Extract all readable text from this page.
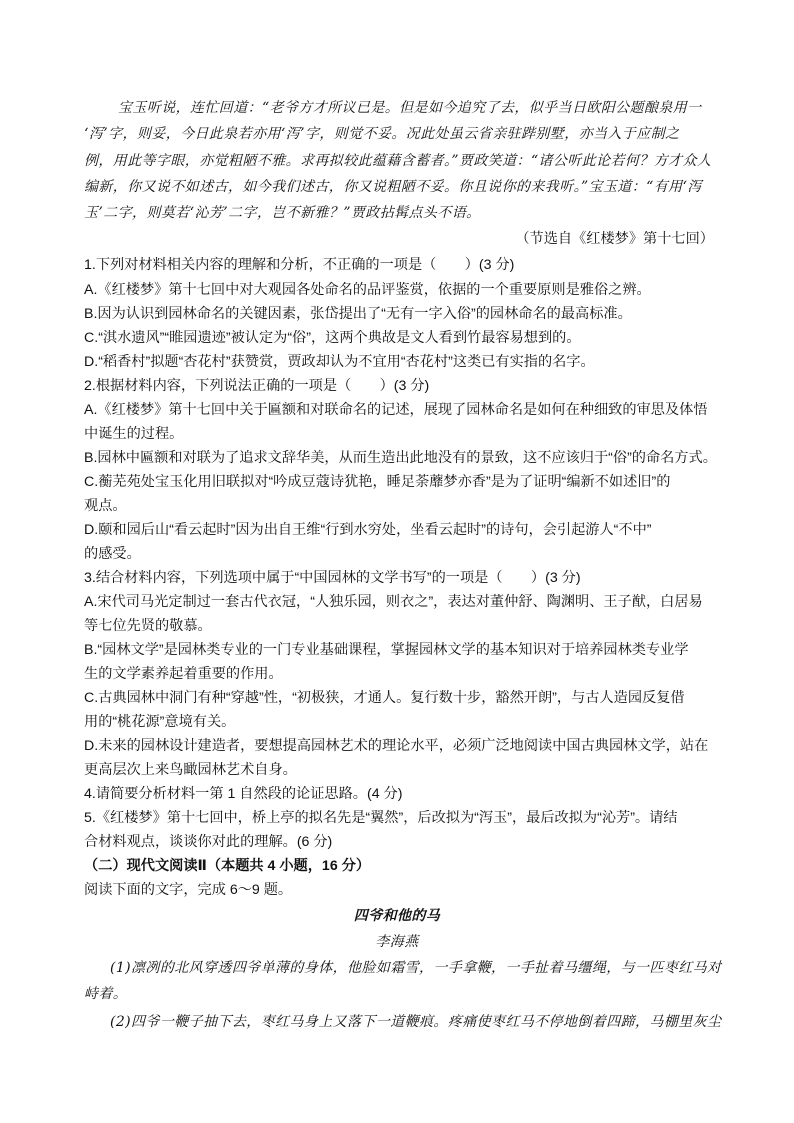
宝玉听说，连忙回道：“老爷方才所议已是。但是如今追究了去，似乎当日欧阳公题酿泉用一
‘泻’字，则妥，今日此泉若亦用‘泻’字，则觉不妥。况此处虽云省亲驻跸别墅，亦当入于应制之
例，用此等字眼，亦觉粗陋不雅。求再拟较此蕴藉含蓄者。”贾政笑道：“诸公听此论若何？方才众人
编新，你又说不如述古，如今我们述古，你又说粗陋不妥。你且说你的来我听。”宝玉道：“有用‘泻
玉’二字，则莫若‘沁芳’二字，岂不新雅？”贾政拈髯点头不语。
（节选自《红楼梦》第十七回）
1.下列对材料相关内容的理解和分析，不正确的一项是（　　）(3 分)
A.《红楼梦》第十七回中对大观园各处命名的品评鉴赏，依据的一个重要原则是雅俗之辨。
B.因为认识到园林命名的关键因素，张岱提出了“无有一字入俗”的园林命名的最高标准。
C.“淇水遗风”“睢园遗迹”被认定为“俗”，这两个典故是文人看到竹最容易想到的。
D.“稻香村”拟题“杏花村”获赞赏，贾政却认为不宜用“杏花村”这类已有实指的名字。
2.根据材料内容，下列说法正确的一项是（　　）(3 分)
A.《红楼梦》第十七回中关于匾额和对联命名的记述，展现了园林命名是如何在种细致的审思及体悟
中诞生的过程。
B.园林中匾额和对联为了追求文辞华美，从而生造出此地没有的景致，这不应该归于“俗”的命名方式。
C.蘅芜苑处宝玉化用旧联拟对“吟成豆蔻诗犹艳，睡足荼蘼梦亦香”是为了证明“编新不如述旧”的
观点。
D.颐和园后山“看云起时”因为出自王维“行到水穷处，坐看云起时”的诗句，会引起游人“不中”
的感受。
3.结合材料内容，下列选项中属于“中国园林的文学书写”的一项是（　　）(3 分)
A.宋代司马光定制过一套古代衣冠，“人独乐园，则衣之”，表达对董仲舒、陶渊明、王子猷，白居易
等七位先贤的敬慕。
B.“园林文学”是园林类专业的一门专业基础课程，掌握园林文学的基本知识对于培养园林类专业学
生的文学素养起着重要的作用。
C.古典园林中洞门有种“穿越”性，“初极狭，才通人。复行数十步，豁然开朗”，与古人造园反复借
用的“桃花源”意境有关。
D.未来的园林设计建造者，要想提高园林艺术的理论水平，必须广泛地阅读中国古典园林文学，站在
更高层次上来鸟瞰园林艺术自身。
4.请简要分析材料一第 1 自然段的论证思路。(4 分)
5.《红楼梦》第十七回中，桥上亭的拟名先是“翼然”，后改拟为“泻玉”，最后改拟为“沁芳”。请结
合材料观点，谈谈你对此的理解。(6 分)
（二）现代文阅读Ⅱ（本题共 4 小题，16 分）
阅读下面的文字，完成 6～9 题。
四爷和他的马
李海燕
(1)凛冽的北风穿透四爷单薄的身体，他脸如霜雪，一手拿鞭，一手扯着马缰绳，与一匹枣红马对
峙着。
(2)四爷一鞭子抽下去，枣红马身上又落下一道鞭痕。疼痛使枣红马不停地倒着四蹄，马棚里灰尘
